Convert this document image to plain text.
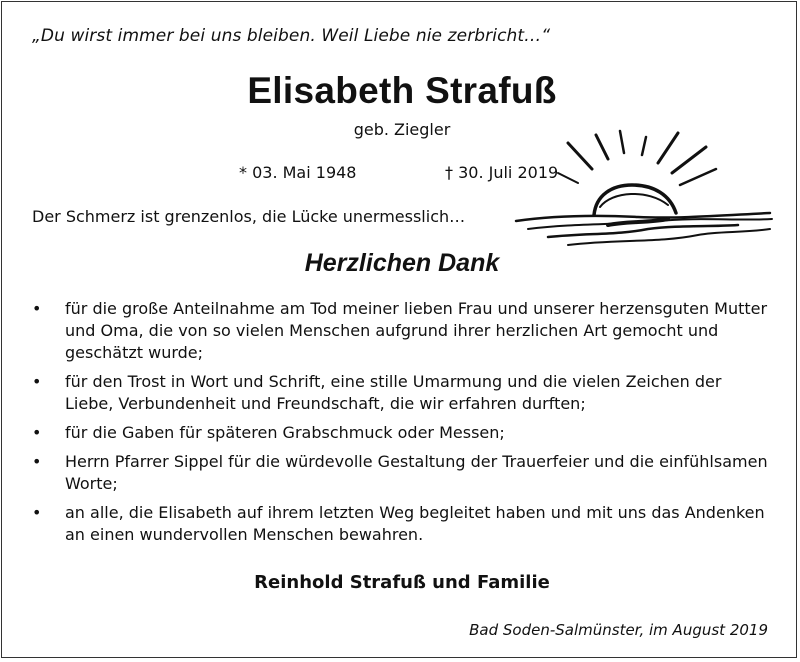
„Du wirst immer bei uns bleiben. Weil Liebe nie zerbricht…“
Elisabeth Strafuß
geb. Ziegler
* 03. Mai 1948	† 30. Juli 2019
Der Schmerz ist grenzenlos, die Lücke unermesslich…
Herzlichen Dank
• für die große Anteilnahme am Tod meiner lieben Frau und unserer herzensguten Mutter und Oma, die von so vielen Menschen aufgrund ihrer herzlichen Art gemocht und geschätzt wurde;
• für den Trost in Wort und Schrift, eine stille Umarmung und die vielen Zeichen der Liebe, Verbundenheit und Freundschaft, die wir erfahren durften;
• für die Gaben für späteren Grabschmuck oder Messen;
• Herrn Pfarrer Sippel für die würdevolle Gestaltung der Trauerfeier und die einfühlsamen Worte;
• an alle, die Elisabeth auf ihrem letzten Weg begleitet haben und mit uns das Andenken an einen wundervollen Menschen bewahren.
Reinhold Strafuß und Familie
Bad Soden-Salmünster, im August 2019
